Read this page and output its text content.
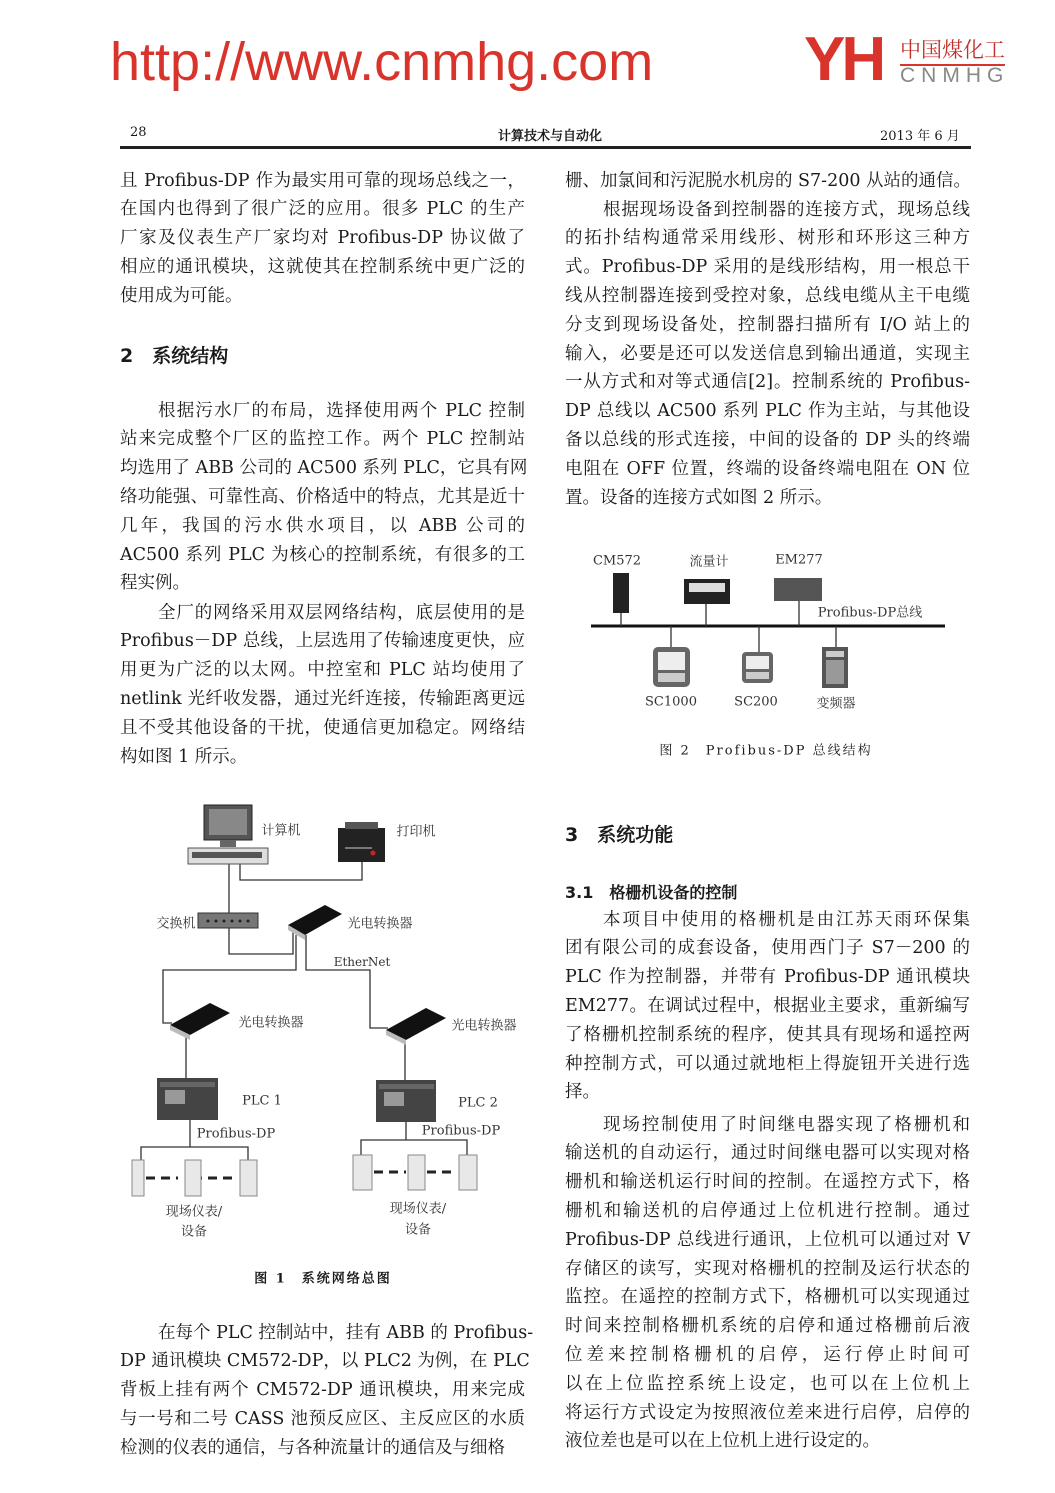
28	计算技术与自动化	2013 年 6 月
且 Profibus-DP 作为最实用可靠的现场总线之一，
在国内也得到了很广泛的应用。很多 PLC 的生产
厂家及仪表生产厂家均对 Profibus-DP 协议做了
相应的通讯模块，这就使其在控制系统中更广泛的
使用成为可能。
根据污水厂的布局，选择使用两个 PLC 控制
站来完成整个厂区的监控工作。两个 PLC 控制站
均选用了 ABB 公司的 AC500 系列 PLC，它具有网
络功能强、可靠性高、价格适中的特点，尤其是近十
几年，我国的污水供水项目，以 ABB 公司的
AC500 系列 PLC 为核心的控制系统，有很多的工
程实例。
全厂的网络采用双层网络结构，底层使用的是
Profibus－DP 总线，上层选用了传输速度更快，应
用更为广泛的以太网。中控室和 PLC 站均使用了
netlink 光纤收发器，通过光纤连接，传输距离更远
且不受其他设备的干扰，使通信更加稳定。网络结
构如图 1 所示。
在每个 PLC 控制站中，挂有 ABB 的 Profibus-
DP 通讯模块 CM572-DP，以 PLC2 为例，在 PLC
背板上挂有两个 CM572-DP 通讯模块，用来完成
与一号和二号 CASS 池预反应区、主反应区的水质
检测的仪表的通信，与各种流量计的通信及与细格
栅、加氯间和污泥脱水机房的 S7-200 从站的通信。
根据现场设备到控制器的连接方式，现场总线
的拓扑结构通常采用线形、树形和环形这三种方
式。Profibus-DP 采用的是线形结构，用一根总干
线从控制器连接到受控对象，总线电缆从主干电缆
分支到现场设备处，控制器扫描所有 I/O 站上的
输入，必要是还可以发送信息到输出通道，实现主
一从方式和对等式通信[2]。控制系统的 Profibus-
DP 总线以 AC500 系列 PLC 作为主站，与其他设
备以总线的形式连接，中间的设备的 DP 头的终端
电阻在 OFF 位置，终端的设备终端电阻在 ON 位
置。设备的连接方式如图 2 所示。
本项目中使用的格栅机是由江苏天雨环保集
团有限公司的成套设备，使用西门子 S7－200 的
PLC 作为控制器，并带有 Profibus-DP 通讯模块
EM277。在调试过程中，根据业主要求，重新编写
了格栅机控制系统的程序，使其具有现场和遥控两
种控制方式，可以通过就地柜上得旋钮开关进行选
择。
现场控制使用了时间继电器实现了格栅机和
输送机的自动运行，通过时间继电器可以实现对格
栅机和输送机运行时间的控制。在遥控方式下，格
栅机和输送机的启停通过上位机进行控制。通过
Profibus-DP 总线进行通讯，上位机可以通过对 V
存储区的读写，实现对格栅机的控制及运行状态的
监控。在遥控的控制方式下，格栅机可以实现通过
时间来控制格栅机系统的启停和通过格栅前后液
位差来控制格栅机的启停，运行停止时间可
以在上位监控系统上设定，也可以在上位机上
将运行方式设定为按照液位差来进行启停，启停的
液位差也是可以在上位机上进行设定的。
2　系统结构
3　系统功能
3.1　格栅机设备的控制
计算机	打印机
交换机	光电转换器
EtherNet
光电转换器	光电转换器
PLC 1	PLC 2
Profibus-DP	Profibus-DP
现场仪表/
设备
现场仪表/
设备
图 1　系统网络总图
CM572	流量计	EM277
Profibus-DP总线
SC1000	SC200	变频器
图 2　Profibus-DP 总线结构
http://www.cnmhg.com YH 中国煤化工
CNMHG
